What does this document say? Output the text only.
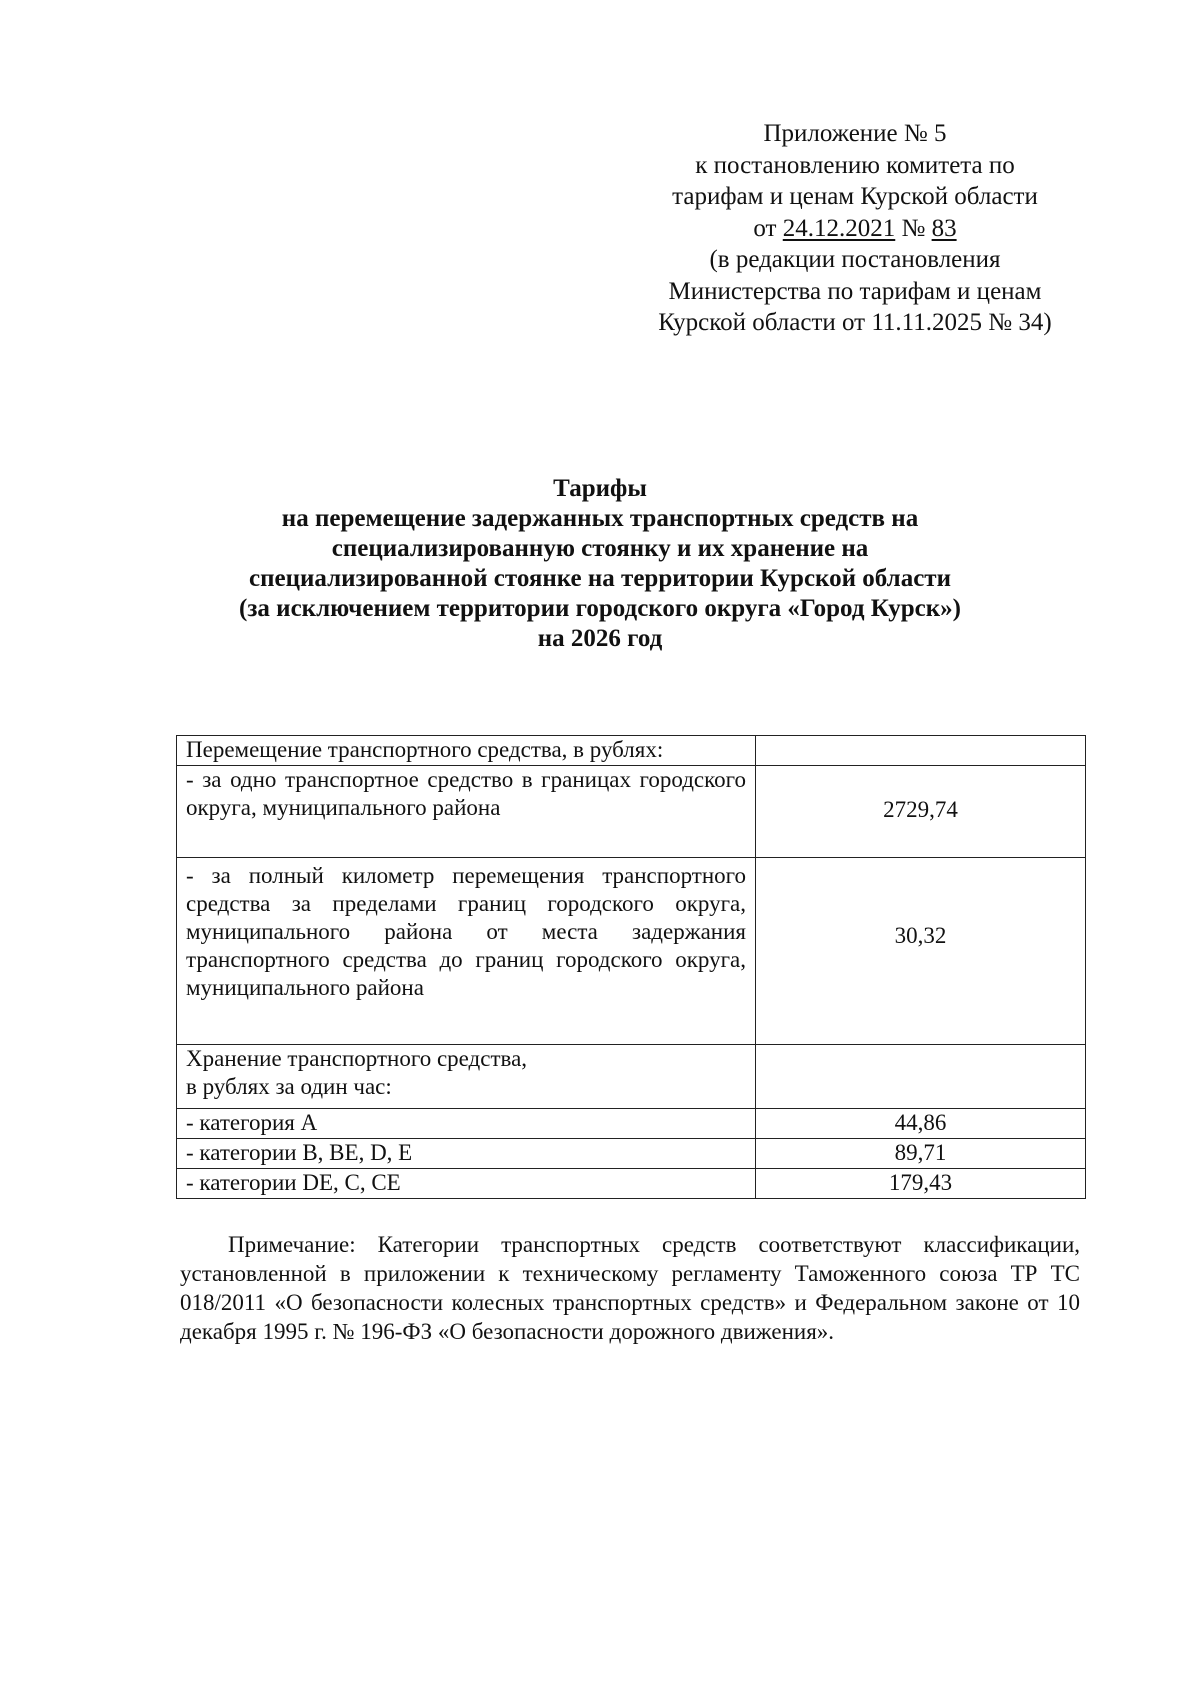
Приложение № 5
к постановлению комитета по
тарифам и ценам Курской области
от 24.12.2021 № 83
(в редакции постановления
Министерства по тарифам и ценам
Курской области от 11.11.2025 № 34)
Тарифы
на перемещение задержанных транспортных средств на
специализированную стоянку и их хранение на
специализированной стоянке на территории Курской области
(за исключением территории городского округа «Город Курск»)
на 2026 год
Перемещение транспортного средства, в рублях:	
- за одно транспортное средство в границах городского округа, муниципального района	2729,74
- за полный километр перемещения транспортного средства за пределами границ городского округа, муниципального района от места задержания транспортного средства до границ городского округа, муниципального района	30,32

Хранение транспортного средства,
в рублях за один час:	

- категория A	44,86
- категории B, BE, D, E	89,71
- категории DE, C, CE	179,43
Примечание: Категории транспортных средств соответствуют классификации, установленной в приложении к техническому регламенту Таможенного союза ТР ТС 018/2011 «О безопасности колесных транспортных средств» и Федеральном законе от 10 декабря 1995 г. № 196-ФЗ «О безопасности дорожного движения».
